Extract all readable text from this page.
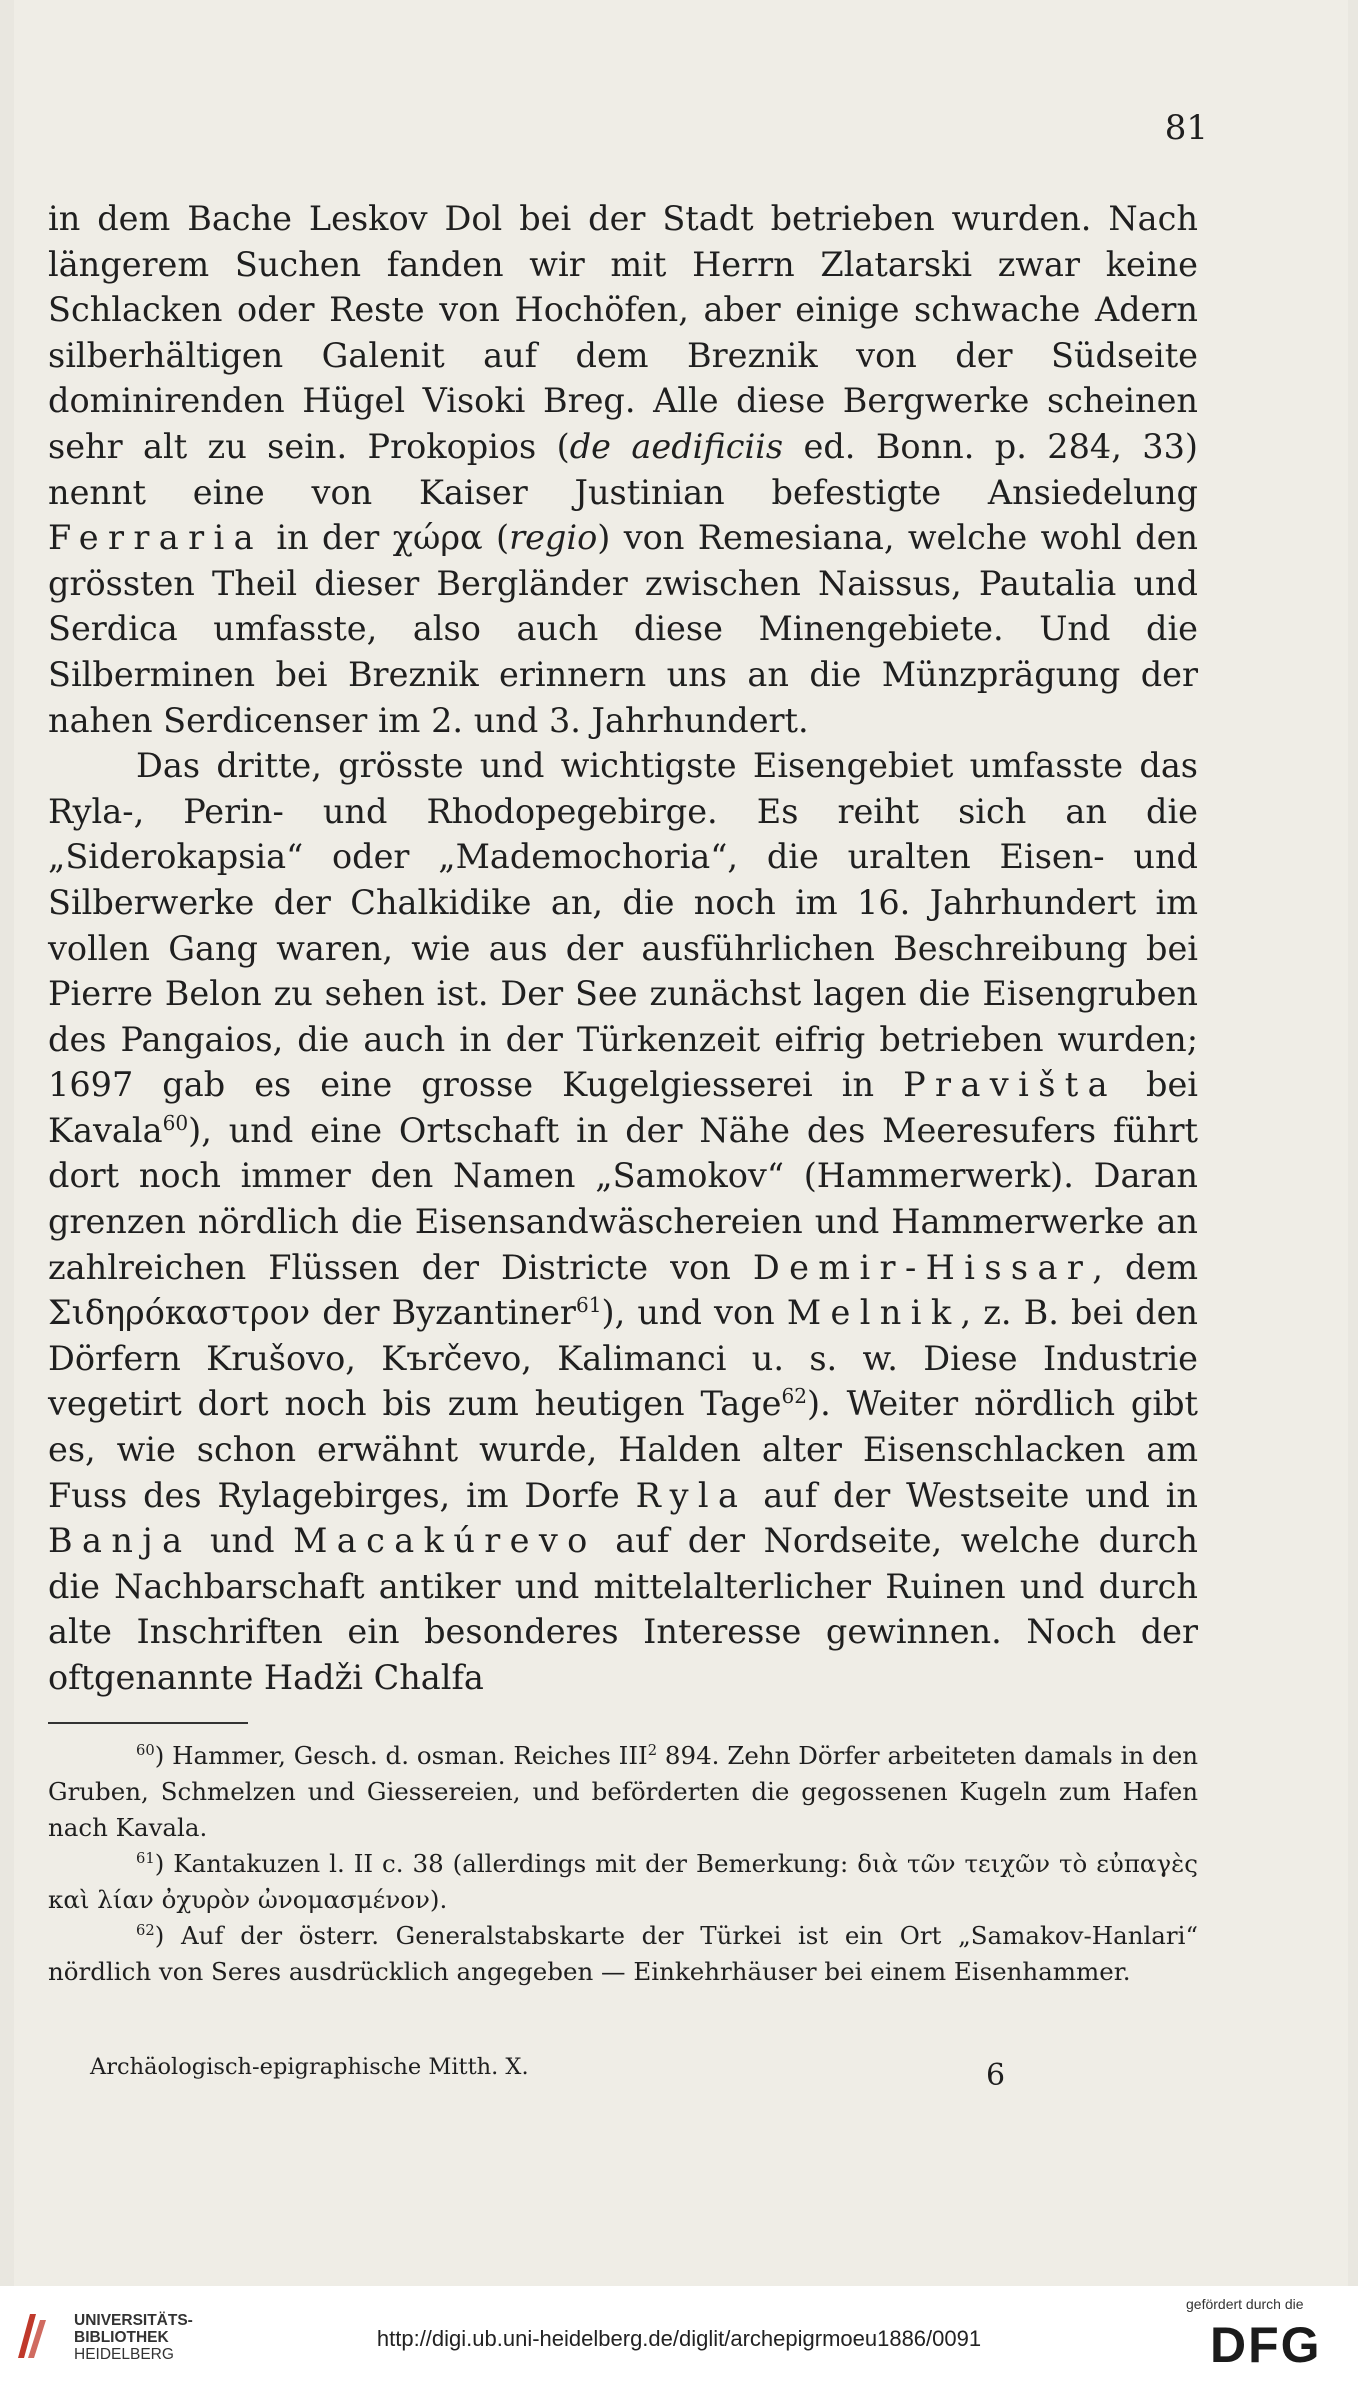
81

in dem Bache Leskov Dol bei der Stadt betrieben wurden. Nach längerem Suchen fanden wir mit Herrn Zlatarski zwar keine Schlacken oder Reste von Hochöfen, aber einige schwache Adern silberhältigen Galenit auf dem Breznik von der Südseite dominirenden Hügel Visoki Breg. Alle diese Bergwerke scheinen sehr alt zu sein. Prokopios (de aedificiis ed. Bonn. p. 284, 33) nennt eine von Kaiser Justinian befestigte Ansiedelung Ferraria in der χώρα (regio) von Remesiana, welche wohl den grössten Theil dieser Bergländer zwischen Naissus, Pautalia und Serdica umfasste, also auch diese Minengebiete. Und die Silberminen bei Breznik erinnern uns an die Münzprägung der nahen Serdicenser im 2. und 3. Jahrhundert.

Das dritte, grösste und wichtigste Eisengebiet umfasste das Ryla-, Perin- und Rhodopegebirge. Es reiht sich an die „Siderokapsia“ oder „Mademochoria“, die uralten Eisen- und Silberwerke der Chalkidike an, die noch im 16. Jahrhundert im vollen Gang waren, wie aus der ausführlichen Beschreibung bei Pierre Belon zu sehen ist. Der See zunächst lagen die Eisengruben des Pangaios, die auch in der Türkenzeit eifrig betrieben wurden; 1697 gab es eine grosse Kugelgiesserei in Pravišta bei Kavala$^{60}$), und eine Ortschaft in der Nähe des Meeresufers führt dort noch immer den Namen „Samokov“ (Hammerwerk). Daran grenzen nördlich die Eisensandwäschereien und Hammerwerke an zahlreichen Flüssen der Districte von Demir-Hissar, dem Σιδηρόκαστρον der Byzantiner$^{61}$), und von Melnik, z. B. bei den Dörfern Krušovo, Kъrčevo, Kalimanci u. s. w. Diese Industrie vegetirt dort noch bis zum heutigen Tage$^{62}$). Weiter nördlich gibt es, wie schon erwähnt wurde, Halden alter Eisenschlacken am Fuss des Rylagebirges, im Dorfe Ryla auf der Westseite und in Banja und Macakúrevo auf der Nordseite, welche durch die Nachbarschaft antiker und mittelalterlicher Ruinen und durch alte Inschriften ein besonderes Interesse gewinnen. Noch der oftgenannte Hadži Chalfa

$^{60}$) Hammer, Gesch. d. osman. Reiches III$^2$ 894. Zehn Dörfer arbeiteten damals in den Gruben, Schmelzen und Giessereien, und beförderten die gegossenen Kugeln zum Hafen nach Kavala.

$^{61}$) Kantakuzen l. II c. 38 (allerdings mit der Bemerkung: διὰ τῶν τειχῶν τὸ εὐπαγὲς καὶ λίαν ὀχυρὸν ὠνομασμένον).

$^{62}$) Auf der österr. Generalstabskarte der Türkei ist ein Ort „Samakov-Hanlari“ nördlich von Seres ausdrücklich angegeben — Einkehrhäuser bei einem Eisenhammer.

Archäologisch-epigraphische Mitth. X.	6
UNIVERSITÄTS-
BIBLIOTHEK
HEIDELBERG
http://digi.ub.uni-heidelberg.de/diglit/archepigrmoeu1886/0091
gefördert durch die
DFG
